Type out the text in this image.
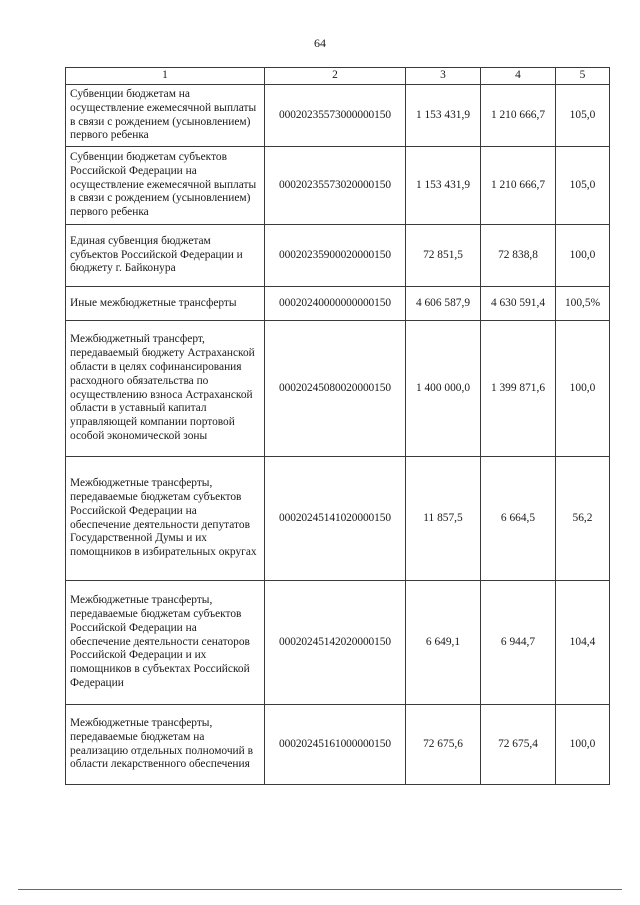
64
1	2	3	4	5
Субвенции бюджетам на осуществление ежемесячной выплаты в связи с рождением (усыновлением) первого ребенка	00020235573000000150	1 153 431,9	1 210 666,7	105,0
Субвенции бюджетам субъектов Российской Федерации на осуществление ежемесячной выплаты в связи с рождением (усыновлением) первого ребенка	00020235573020000150	1 153 431,9	1 210 666,7	105,0
Единая субвенция бюджетам субъектов Российской Федерации и бюджету г. Байконура	00020235900020000150	72 851,5	72 838,8	100,0
Иные межбюджетные трансферты	00020240000000000150	4 606 587,9	4 630 591,4	100,5%
Межбюджетный трансферт, передаваемый бюджету Астраханской области в целях софинансирования расходного обязательства по осуществлению взноса Астраханской области в уставный капитал управляющей компании портовой особой экономической зоны	00020245080020000150	1 400 000,0	1 399 871,6	100,0
Межбюджетные трансферты, передаваемые бюджетам субъектов Российской Федерации на обеспечение деятельности депутатов Государственной Думы и их помощников в избирательных округах	00020245141020000150	11 857,5	6 664,5	56,2
Межбюджетные трансферты, передаваемые бюджетам субъектов Российской Федерации на обеспечение деятельности сенаторов Российской Федерации и их помощников в субъектах Российской Федерации	00020245142020000150	6 649,1	6 944,7	104,4
Межбюджетные трансферты, передаваемые бюджетам на реализацию отдельных полномочий в области лекарственного обеспечения	00020245161000000150	72 675,6	72 675,4	100,0
